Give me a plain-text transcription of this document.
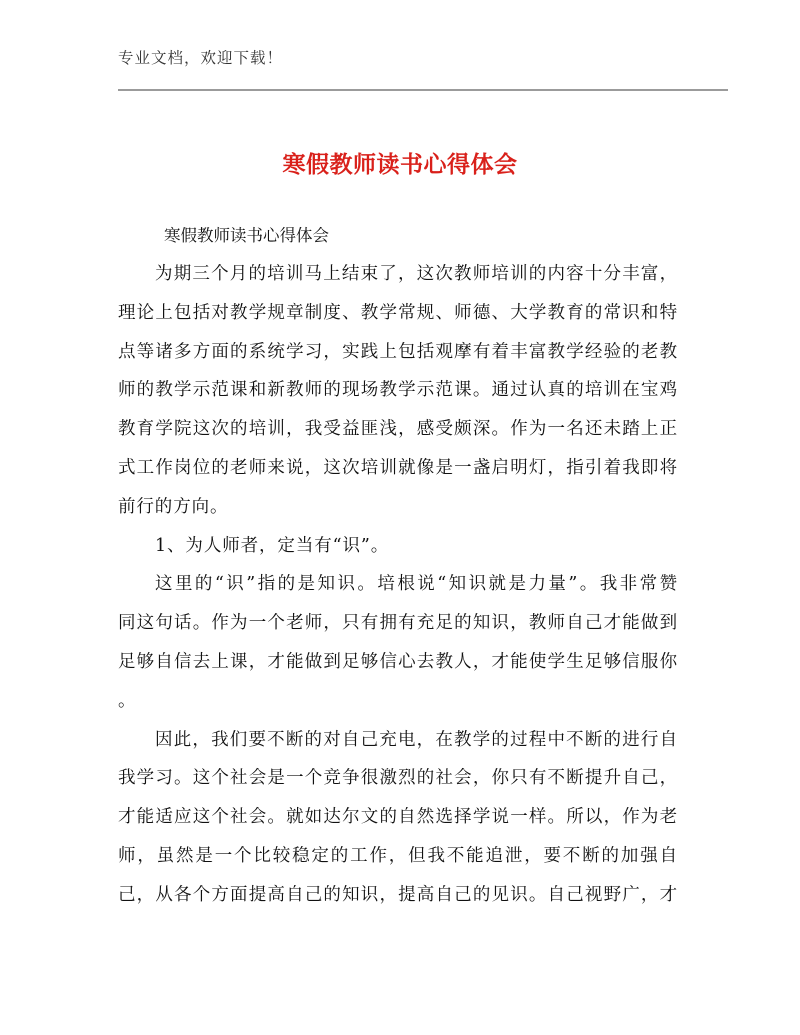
专业文档，欢迎下载！
寒假教师读书心得体会
寒假教师读书心得体会
为期三个月的培训马上结束了，这次教师培训的内容十分丰富，
理论上包括对教学规章制度、教学常规、师德、大学教育的常识和特
点等诸多方面的系统学习，实践上包括观摩有着丰富教学经验的老教
师的教学示范课和新教师的现场教学示范课。通过认真的培训在宝鸡
教育学院这次的培训，我受益匪浅，感受颇深。作为一名还未踏上正
式工作岗位的老师来说，这次培训就像是一盏启明灯，指引着我即将
前行的方向。
1、为人师者，定当有“识”。
这里的“识”指的是知识。培根说“知识就是力量”。我非常赞
同这句话。作为一个老师，只有拥有充足的知识，教师自己才能做到
足够自信去上课，才能做到足够信心去教人，才能使学生足够信服你
。
因此，我们要不断的对自己充电，在教学的过程中不断的进行自
我学习。这个社会是一个竞争很激烈的社会，你只有不断提升自己，
才能适应这个社会。就如达尔文的自然选择学说一样。所以，作为老
师，虽然是一个比较稳定的工作，但我不能追泄，要不断的加强自
己，从各个方面提高自己的知识，提高自己的见识。自己视野广，才
